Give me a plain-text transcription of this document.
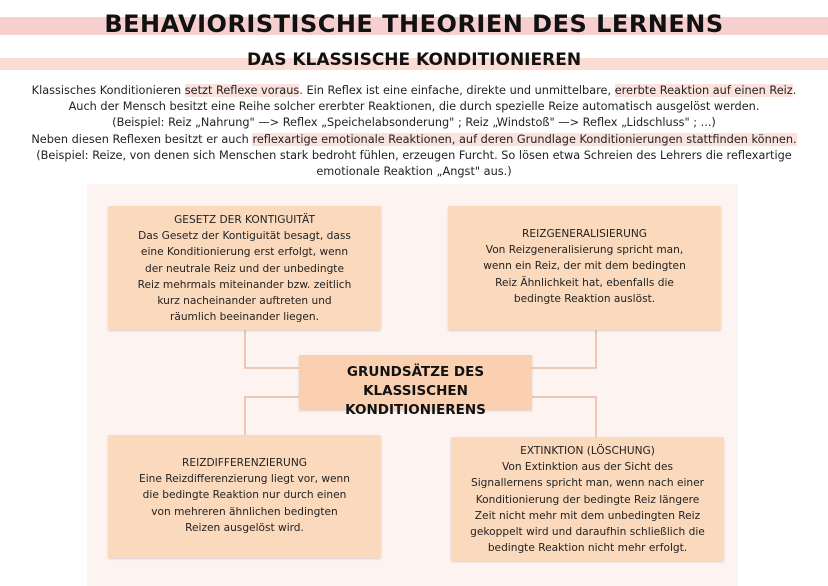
BEHAVIORISTISCHE THEORIEN DES LERNENS
DAS KLASSISCHE KONDITIONIEREN
Klassisches Konditionieren setzt Reflexe voraus. Ein Reflex ist eine einfache, direkte und unmittelbare, ererbte Reaktion auf einen Reiz.
Auch der Mensch besitzt eine Reihe solcher ererbter Reaktionen, die durch spezielle Reize automatisch ausgelöst werden.
(Beispiel: Reiz „Nahrung" —> Reflex „Speichelabsonderung" ; Reiz „Windstoß" —> Reflex „Lidschluss" ; ...)
Neben diesen Reflexen besitzt er auch reflexartige emotionale Reaktionen, auf deren Grundlage Konditionierungen stattfinden können.
(Beispiel: Reize, von denen sich Menschen stark bedroht fühlen, erzeugen Furcht. So lösen etwa Schreien des Lehrers die reflexartige
emotionale Reaktion „Angst" aus.)
GESETZ DER KONTIGUITÄT
Das Gesetz der Kontiguität besagt, dass
eine Konditionierung erst erfolgt, wenn
der neutrale Reiz und der unbedingte
Reiz mehrmals miteinander bzw. zeitlich
kurz nacheinander auftreten und
räumlich beeinander liegen.
REIZGENERALISIERUNG
Von Reizgeneralisierung spricht man,
wenn ein Reiz, der mit dem bedingten
Reiz Ähnlichkeit hat, ebenfalls die
bedingte Reaktion auslöst.
GRUNDSÄTZE DES KLASSISCHEN
KONDITIONIERENS
REIZDIFFERENZIERUNG
Eine Reizdifferenzierung liegt vor, wenn
die bedingte Reaktion nur durch einen
von mehreren ähnlichen bedingten
Reizen ausgelöst wird.
EXTINKTION (LÖSCHUNG)
Von Extinktion aus der Sicht des
Signallernens spricht man, wenn nach einer
Konditionierung der bedingte Reiz längere
Zeit nicht mehr mit dem unbedingten Reiz
gekoppelt wird und daraufhin schließlich die
bedingte Reaktion nicht mehr erfolgt.
